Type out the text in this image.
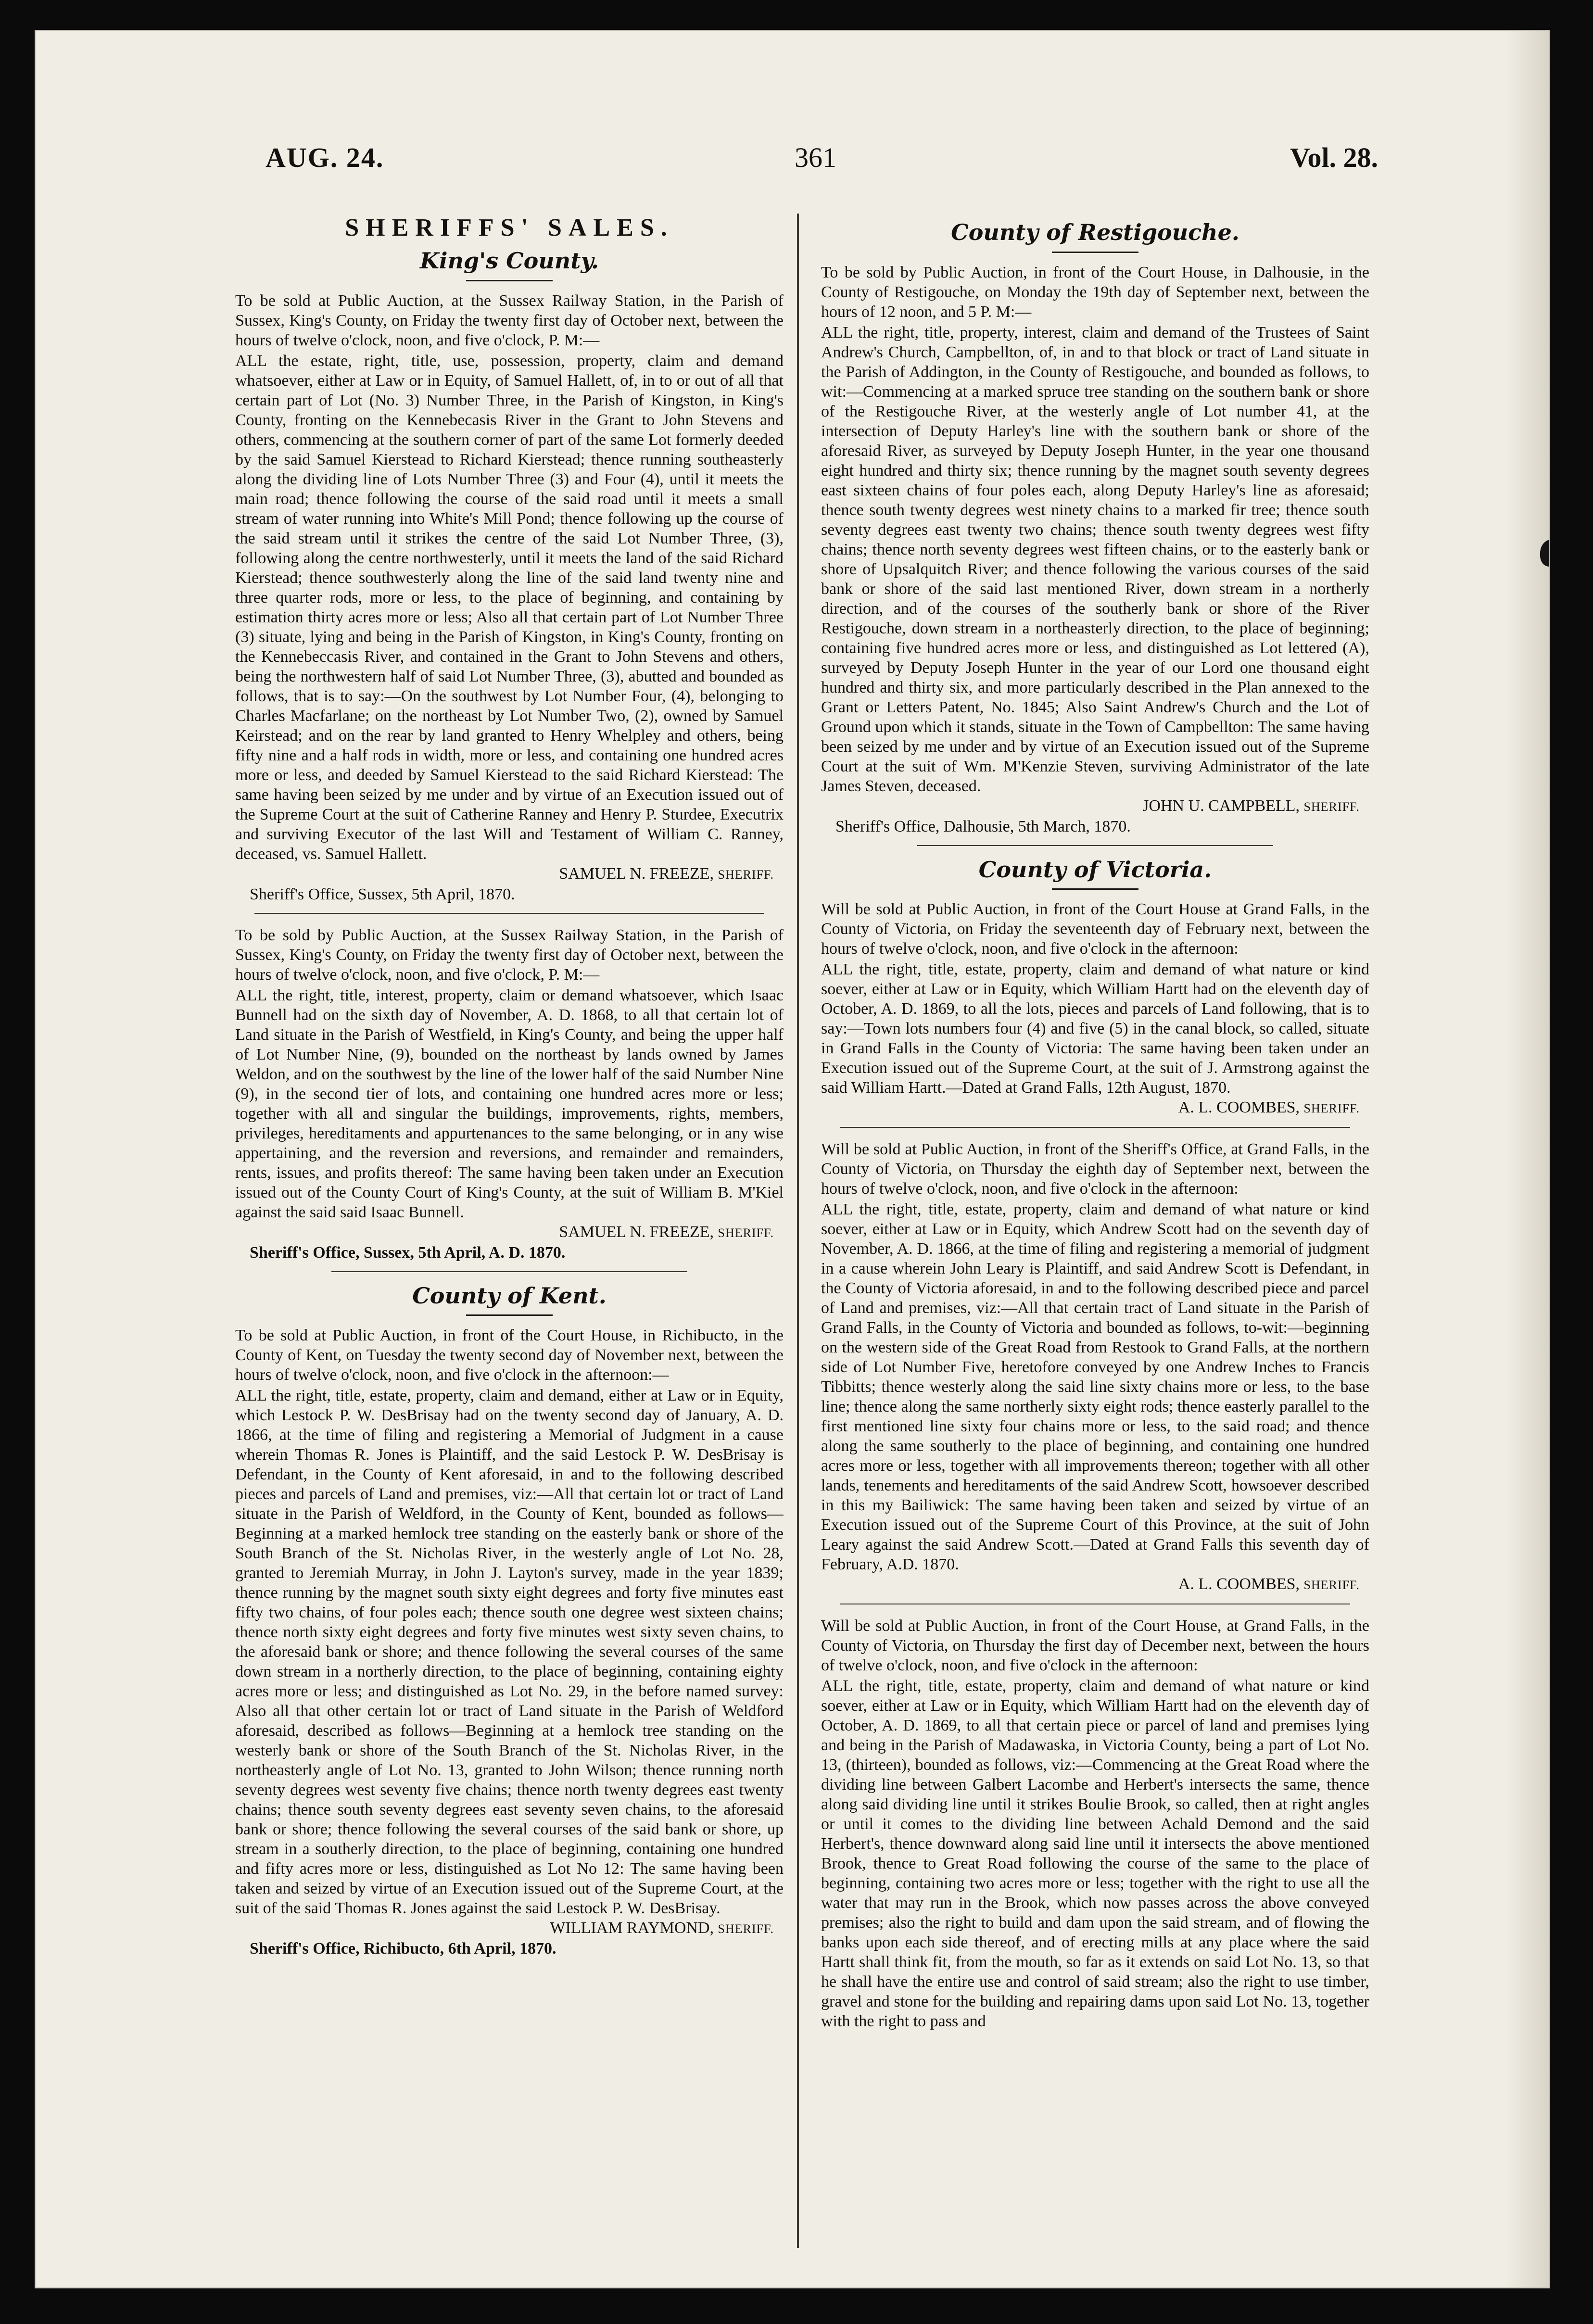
AUG. 24.	361	Vol. 28.
SHERIFFS' SALES.
King's County.

To be sold at Public Auction, at the Sussex Railway Station, in the Parish of Sussex, King's County, on Friday the twenty first day of October next, between the hours of twelve o'clock, noon, and five o'clock, P. M:—

ALL the estate, right, title, use, possession, property, claim and demand whatsoever, either at Law or in Equity, of Samuel Hallett, of, in to or out of all that certain part of Lot (No. 3) Number Three, in the Parish of Kingston, in King's County, fronting on the Kennebecasis River in the Grant to John Stevens and others, commencing at the southern corner of part of the same Lot formerly deeded by the said Samuel Kierstead to Richard Kierstead; thence running southeasterly along the dividing line of Lots Number Three (3) and Four (4), until it meets the main road; thence following the course of the said road until it meets a small stream of water running into White's Mill Pond; thence following up the course of the said stream until it strikes the centre of the said Lot Number Three, (3), following along the centre northwesterly, until it meets the land of the said Richard Kierstead; thence southwesterly along the line of the said land twenty nine and three quarter rods, more or less, to the place of beginning, and containing by estimation thirty acres more or less; Also all that certain part of Lot Number Three (3) situate, lying and being in the Parish of Kingston, in King's County, fronting on the Kennebeccasis River, and contained in the Grant to John Stevens and others, being the northwestern half of said Lot Number Three, (3), abutted and bounded as follows, that is to say:—On the southwest by Lot Number Four, (4), belonging to Charles Macfarlane; on the northeast by Lot Number Two, (2), owned by Samuel Keirstead; and on the rear by land granted to Henry Whelpley and others, being fifty nine and a half rods in width, more or less, and containing one hundred acres more or less, and deeded by Samuel Kierstead to the said Richard Kierstead: The same having been seized by me under and by virtue of an Execution issued out of the Supreme Court at the suit of Catherine Ranney and Henry P. Sturdee, Executrix and surviving Executor of the last Will and Testament of William C. Ranney, deceased, vs. Samuel Hallett.

SAMUEL N. FREEZE, SHERIFF.

Sheriff's Office, Sussex, 5th April, 1870.

To be sold by Public Auction, at the Sussex Railway Station, in the Parish of Sussex, King's County, on Friday the twenty first day of October next, between the hours of twelve o'clock, noon, and five o'clock, P. M:—

ALL the right, title, interest, property, claim or demand whatsoever, which Isaac Bunnell had on the sixth day of November, A. D. 1868, to all that certain lot of Land situate in the Parish of Westfield, in King's County, and being the upper half of Lot Number Nine, (9), bounded on the northeast by lands owned by James Weldon, and on the southwest by the line of the lower half of the said Number Nine (9), in the second tier of lots, and containing one hundred acres more or less; together with all and singular the buildings, improvements, rights, members, privileges, hereditaments and appurtenances to the same belonging, or in any wise appertaining, and the reversion and reversions, and remainder and remainders, rents, issues, and profits thereof: The same having been taken under an Execution issued out of the County Court of King's County, at the suit of William B. M'Kiel against the said said Isaac Bunnell.

SAMUEL N. FREEZE, SHERIFF.

Sheriff's Office, Sussex, 5th April, A. D. 1870.

County of Kent.

To be sold at Public Auction, in front of the Court House, in Richibucto, in the County of Kent, on Tuesday the twenty second day of November next, between the hours of twelve o'clock, noon, and five o'clock in the afternoon:—

ALL the right, title, estate, property, claim and demand, either at Law or in Equity, which Lestock P. W. DesBrisay had on the twenty second day of January, A. D. 1866, at the time of filing and registering a Memorial of Judgment in a cause wherein Thomas R. Jones is Plaintiff, and the said Lestock P. W. DesBrisay is Defendant, in the County of Kent aforesaid, in and to the following described pieces and parcels of Land and premises, viz:—All that certain lot or tract of Land situate in the Parish of Weldford, in the County of Kent, bounded as follows—Beginning at a marked hemlock tree standing on the easterly bank or shore of the South Branch of the St. Nicholas River, in the westerly angle of Lot No. 28, granted to Jeremiah Murray, in John J. Layton's survey, made in the year 1839; thence running by the magnet south sixty eight degrees and forty five minutes east fifty two chains, of four poles each; thence south one degree west sixteen chains; thence north sixty eight degrees and forty five minutes west sixty seven chains, to the aforesaid bank or shore; and thence following the several courses of the same down stream in a northerly direction, to the place of beginning, containing eighty acres more or less; and distinguished as Lot No. 29, in the before named survey: Also all that other certain lot or tract of Land situate in the Parish of Weldford aforesaid, described as follows—Beginning at a hemlock tree standing on the westerly bank or shore of the South Branch of the St. Nicholas River, in the northeasterly angle of Lot No. 13, granted to John Wilson; thence running north seventy degrees west seventy five chains; thence north twenty degrees east twenty chains; thence south seventy degrees east seventy seven chains, to the aforesaid bank or shore; thence following the several courses of the said bank or shore, up stream in a southerly direction, to the place of beginning, containing one hundred and fifty acres more or less, distinguished as Lot No 12: The same having been taken and seized by virtue of an Execution issued out of the Supreme Court, at the suit of the said Thomas R. Jones against the said Lestock P. W. DesBrisay.

WILLIAM RAYMOND, SHERIFF.

Sheriff's Office, Richibucto, 6th April, 1870.

County of Restigouche.

To be sold by Public Auction, in front of the Court House, in Dalhousie, in the County of Restigouche, on Monday the 19th day of September next, between the hours of 12 noon, and 5 P. M:—

ALL the right, title, property, interest, claim and demand of the Trustees of Saint Andrew's Church, Campbellton, of, in and to that block or tract of Land situate in the Parish of Addington, in the County of Restigouche, and bounded as follows, to wit:—Commencing at a marked spruce tree standing on the southern bank or shore of the Restigouche River, at the westerly angle of Lot number 41, at the intersection of Deputy Harley's line with the southern bank or shore of the aforesaid River, as surveyed by Deputy Joseph Hunter, in the year one thousand eight hundred and thirty six; thence running by the magnet south seventy degrees east sixteen chains of four poles each, along Deputy Harley's line as aforesaid; thence south twenty degrees west ninety chains to a marked fir tree; thence south seventy degrees east twenty two chains; thence south twenty degrees west fifty chains; thence north seventy degrees west fifteen chains, or to the easterly bank or shore of Upsalquitch River; and thence following the various courses of the said bank or shore of the said last mentioned River, down stream in a northerly direction, and of the courses of the southerly bank or shore of the River Restigouche, down stream in a northeasterly direction, to the place of beginning; containing five hundred acres more or less, and distinguished as Lot lettered (A), surveyed by Deputy Joseph Hunter in the year of our Lord one thousand eight hundred and thirty six, and more particularly described in the Plan annexed to the Grant or Letters Patent, No. 1845; Also Saint Andrew's Church and the Lot of Ground upon which it stands, situate in the Town of Campbellton: The same having been seized by me under and by virtue of an Execution issued out of the Supreme Court at the suit of Wm. M'Kenzie Steven, surviving Administrator of the late James Steven, deceased.

JOHN U. CAMPBELL, SHERIFF.

Sheriff's Office, Dalhousie, 5th March, 1870.

County of Victoria.

Will be sold at Public Auction, in front of the Court House at Grand Falls, in the County of Victoria, on Friday the seventeenth day of February next, between the hours of twelve o'clock, noon, and five o'clock in the afternoon:

ALL the right, title, estate, property, claim and demand of what nature or kind soever, either at Law or in Equity, which William Hartt had on the eleventh day of October, A. D. 1869, to all the lots, pieces and parcels of Land following, that is to say:—Town lots numbers four (4) and five (5) in the canal block, so called, situate in Grand Falls in the County of Victoria: The same having been taken under an Execution issued out of the Supreme Court, at the suit of J. Armstrong against the said William Hartt.—Dated at Grand Falls, 12th August, 1870.

A. L. COOMBES, SHERIFF.

Will be sold at Public Auction, in front of the Sheriff's Office, at Grand Falls, in the County of Victoria, on Thursday the eighth day of September next, between the hours of twelve o'clock, noon, and five o'clock in the afternoon:

ALL the right, title, estate, property, claim and demand of what nature or kind soever, either at Law or in Equity, which Andrew Scott had on the seventh day of November, A. D. 1866, at the time of filing and registering a memorial of judgment in a cause wherein John Leary is Plaintiff, and said Andrew Scott is Defendant, in the County of Victoria aforesaid, in and to the following described piece and parcel of Land and premises, viz:—All that certain tract of Land situate in the Parish of Grand Falls, in the County of Victoria and bounded as follows, to-wit:—beginning on the western side of the Great Road from Restook to Grand Falls, at the northern side of Lot Number Five, heretofore conveyed by one Andrew Inches to Francis Tibbitts; thence westerly along the said line sixty chains more or less, to the base line; thence along the same northerly sixty eight rods; thence easterly parallel to the first mentioned line sixty four chains more or less, to the said road; and thence along the same southerly to the place of beginning, and containing one hundred acres more or less, together with all improvements thereon; together with all other lands, tenements and hereditaments of the said Andrew Scott, howsoever described in this my Bailiwick: The same having been taken and seized by virtue of an Execution issued out of the Supreme Court of this Province, at the suit of John Leary against the said Andrew Scott.—Dated at Grand Falls this seventh day of February, A.D. 1870.

A. L. COOMBES, SHERIFF.

Will be sold at Public Auction, in front of the Court House, at Grand Falls, in the County of Victoria, on Thursday the first day of December next, between the hours of twelve o'clock, noon, and five o'clock in the afternoon:

ALL the right, title, estate, property, claim and demand of what nature or kind soever, either at Law or in Equity, which William Hartt had on the eleventh day of October, A. D. 1869, to all that certain piece or parcel of land and premises lying and being in the Parish of Madawaska, in Victoria County, being a part of Lot No. 13, (thirteen), bounded as follows, viz:—Commencing at the Great Road where the dividing line between Galbert Lacombe and Herbert's intersects the same, thence along said dividing line until it strikes Boulie Brook, so called, then at right angles or until it comes to the dividing line between Achald Demond and the said Herbert's, thence downward along said line until it intersects the above mentioned Brook, thence to Great Road following the course of the same to the place of beginning, containing two acres more or less; together with the right to use all the water that may run in the Brook, which now passes across the above conveyed premises; also the right to build and dam upon the said stream, and of flowing the banks upon each side thereof, and of erecting mills at any place where the said Hartt shall think fit, from the mouth, so far as it extends on said Lot No. 13, so that he shall have the entire use and control of said stream; also the right to use timber, gravel and stone for the building and repairing dams upon said Lot No. 13, together with the right to pass and
